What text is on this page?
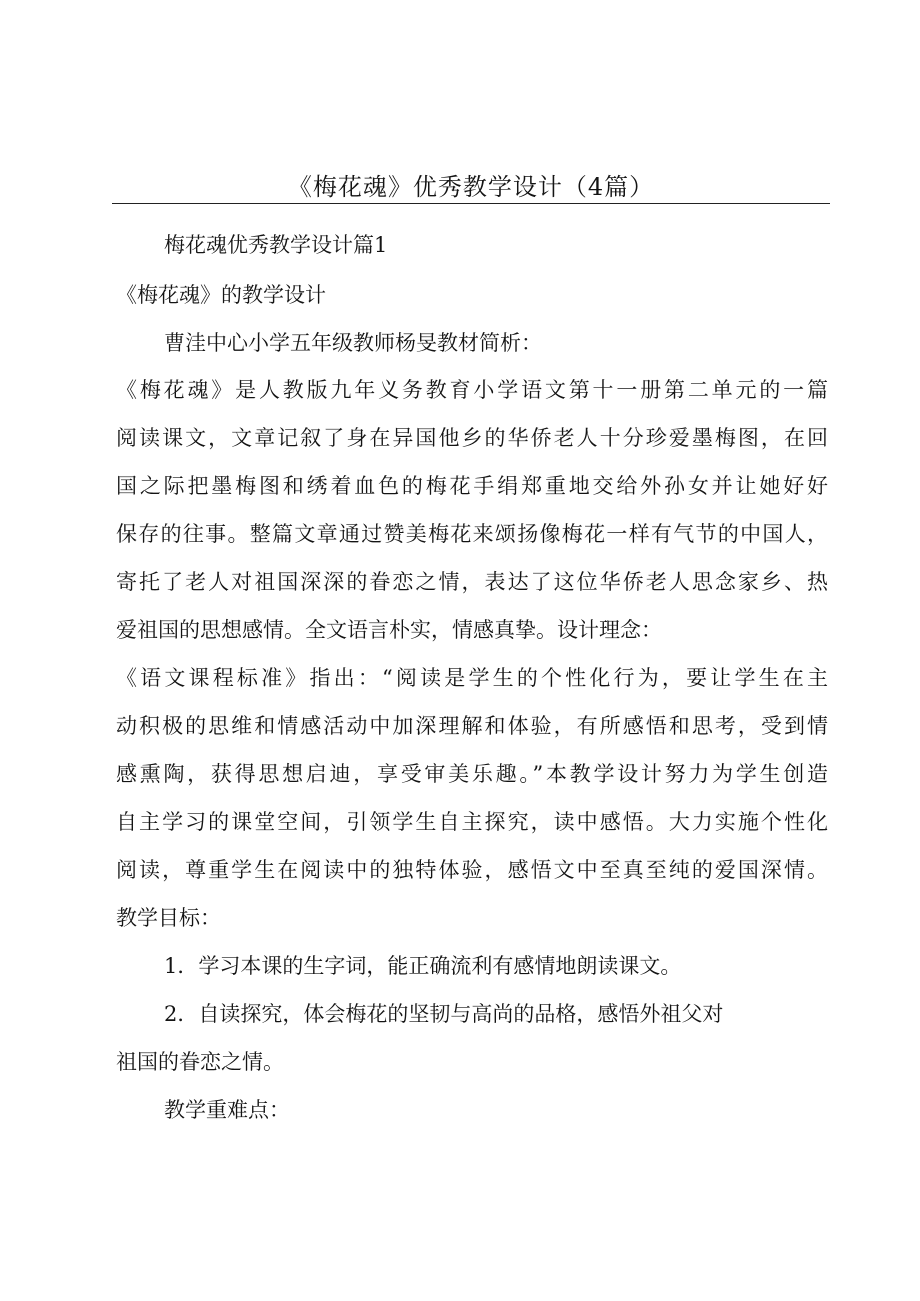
《梅花魂》优秀教学设计（4篇）
梅花魂优秀教学设计篇1
《梅花魂》的教学设计
曹洼中心小学五年级教师杨旻教材简析：
《梅花魂》是人教版九年义务教育小学语文第十一册第二单元的一篇
阅读课文，文章记叙了身在异国他乡的华侨老人十分珍爱墨梅图，在回
国之际把墨梅图和绣着血色的梅花手绢郑重地交给外孙女并让她好好
保存的往事。整篇文章通过赞美梅花来颂扬像梅花一样有气节的中国人，
寄托了老人对祖国深深的眷恋之情，表达了这位华侨老人思念家乡、热
爱祖国的思想感情。全文语言朴实，情感真挚。设计理念：
《语文课程标准》指出：“阅读是学生的个性化行为，要让学生在主
动积极的思维和情感活动中加深理解和体验，有所感悟和思考，受到情
感熏陶，获得思想启迪，享受审美乐趣。”本教学设计努力为学生创造
自主学习的课堂空间，引领学生自主探究，读中感悟。大力实施个性化
阅读，尊重学生在阅读中的独特体验，感悟文中至真至纯的爱国深情。
教学目标：
1．学习本课的生字词，能正确流利有感情地朗读课文。
2．自读探究，体会梅花的坚韧与高尚的品格，感悟外祖父对
祖国的眷恋之情。
教学重难点：
